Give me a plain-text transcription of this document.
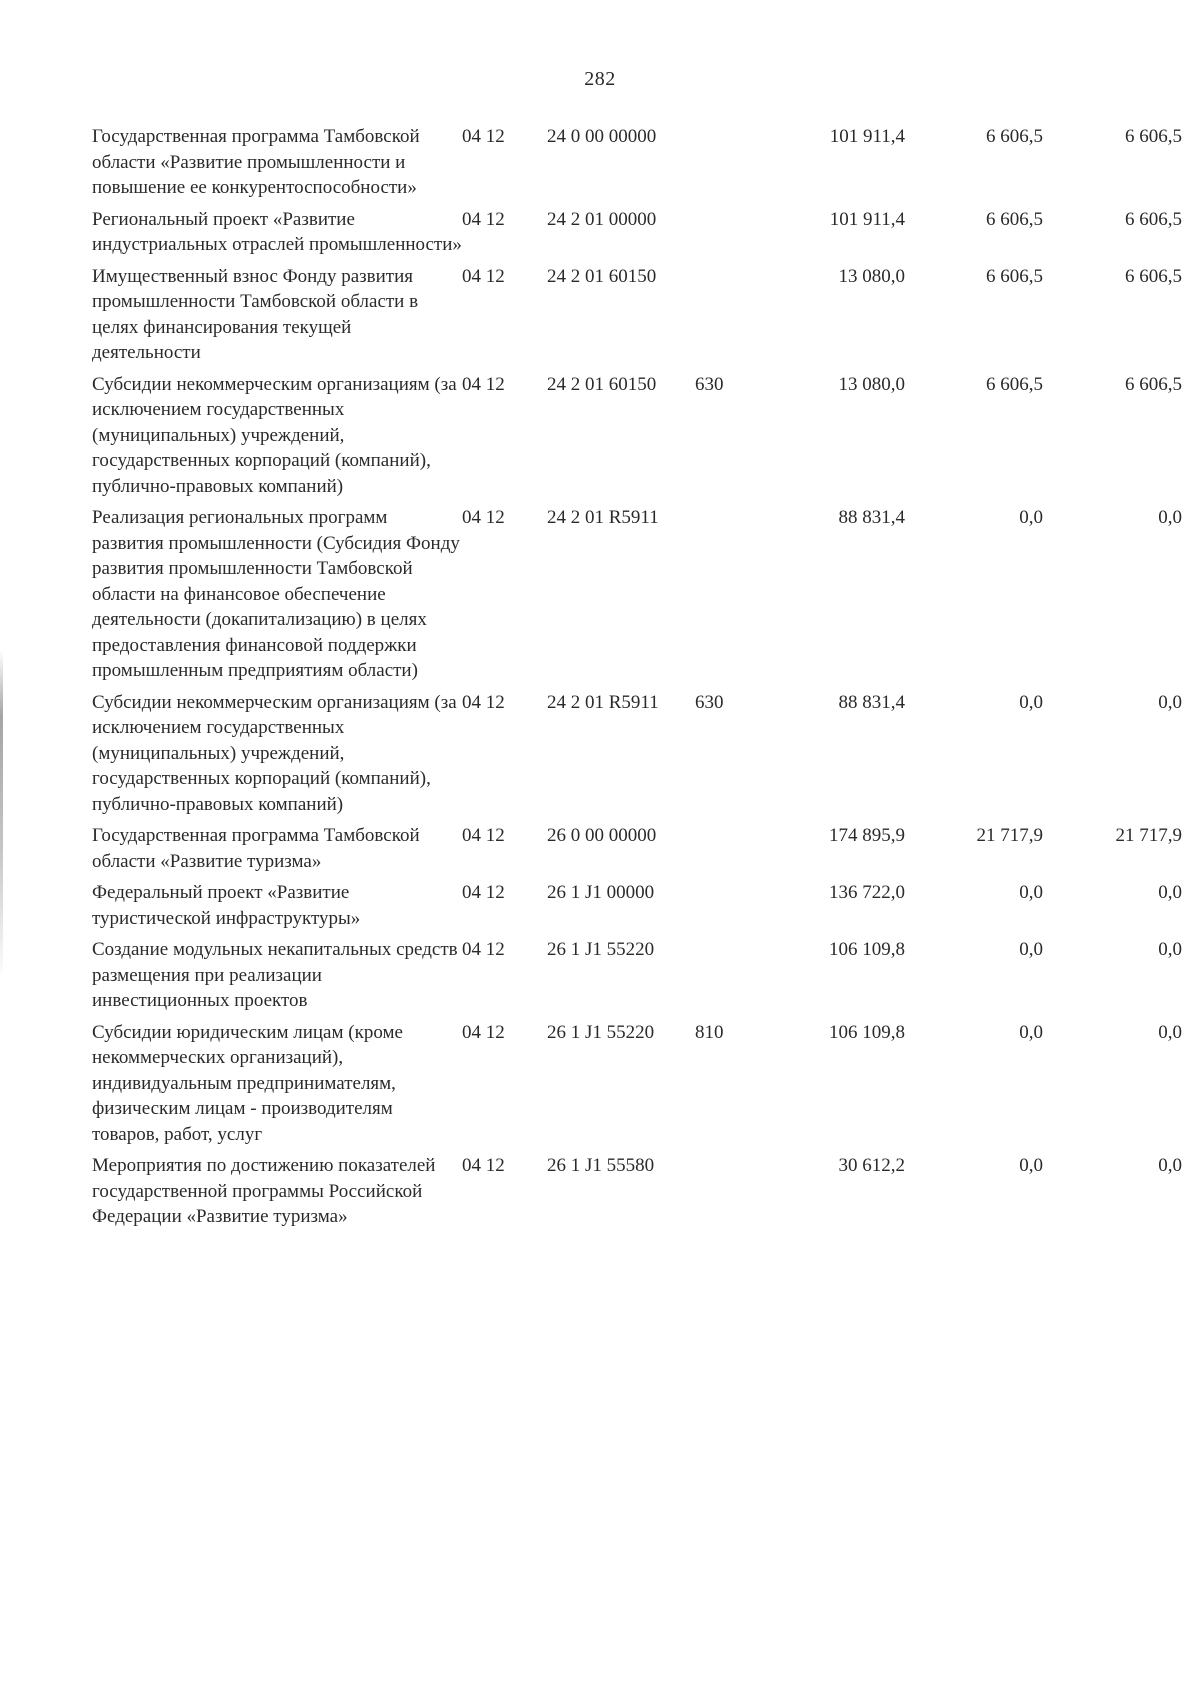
282
Государственная программа Тамбовской области «Развитие промышленности и повышение ее конкурентоспособности»	04 12	24 0 00 00000		101 911,4	6 606,5	6 606,5
Региональный проект «Развитие индустриальных отраслей промышленности»	04 12	24 2 01 00000		101 911,4	6 606,5	6 606,5
Имущественный взнос Фонду развития промышленности Тамбовской области в целях финансирования текущей деятельности	04 12	24 2 01 60150		13 080,0	6 606,5	6 606,5
Субсидии некоммерческим организациям (за исключением государственных (муниципальных) учреждений, государственных корпораций (компаний), публично-правовых компаний)	04 12	24 2 01 60150	630	13 080,0	6 606,5	6 606,5
Реализация региональных программ развития промышленности (Субсидия Фонду развития промышленности Тамбовской области на финансовое обеспечение деятельности (докапитализацию) в целях предоставления финансовой поддержки промышленным предприятиям области)	04 12	24 2 01 R5911		88 831,4	0,0	0,0
Субсидии некоммерческим организациям (за исключением государственных (муниципальных) учреждений, государственных корпораций (компаний), публично-правовых компаний)	04 12	24 2 01 R5911	630	88 831,4	0,0	0,0
Государственная программа Тамбовской области «Развитие туризма»	04 12	26 0 00 00000		174 895,9	21 717,9	21 717,9
Федеральный проект «Развитие туристической инфраструктуры»	04 12	26 1 J1 00000		136 722,0	0,0	0,0
Создание модульных некапитальных средств размещения при реализации инвестиционных проектов	04 12	26 1 J1 55220		106 109,8	0,0	0,0
Субсидии юридическим лицам (кроме некоммерческих организаций), индивидуальным предпринимателям, физическим лицам - производителям товаров, работ, услуг	04 12	26 1 J1 55220	810	106 109,8	0,0	0,0
Мероприятия по достижению показателей государственной программы Российской Федерации «Развитие туризма»	04 12	26 1 J1 55580		30 612,2	0,0	0,0
